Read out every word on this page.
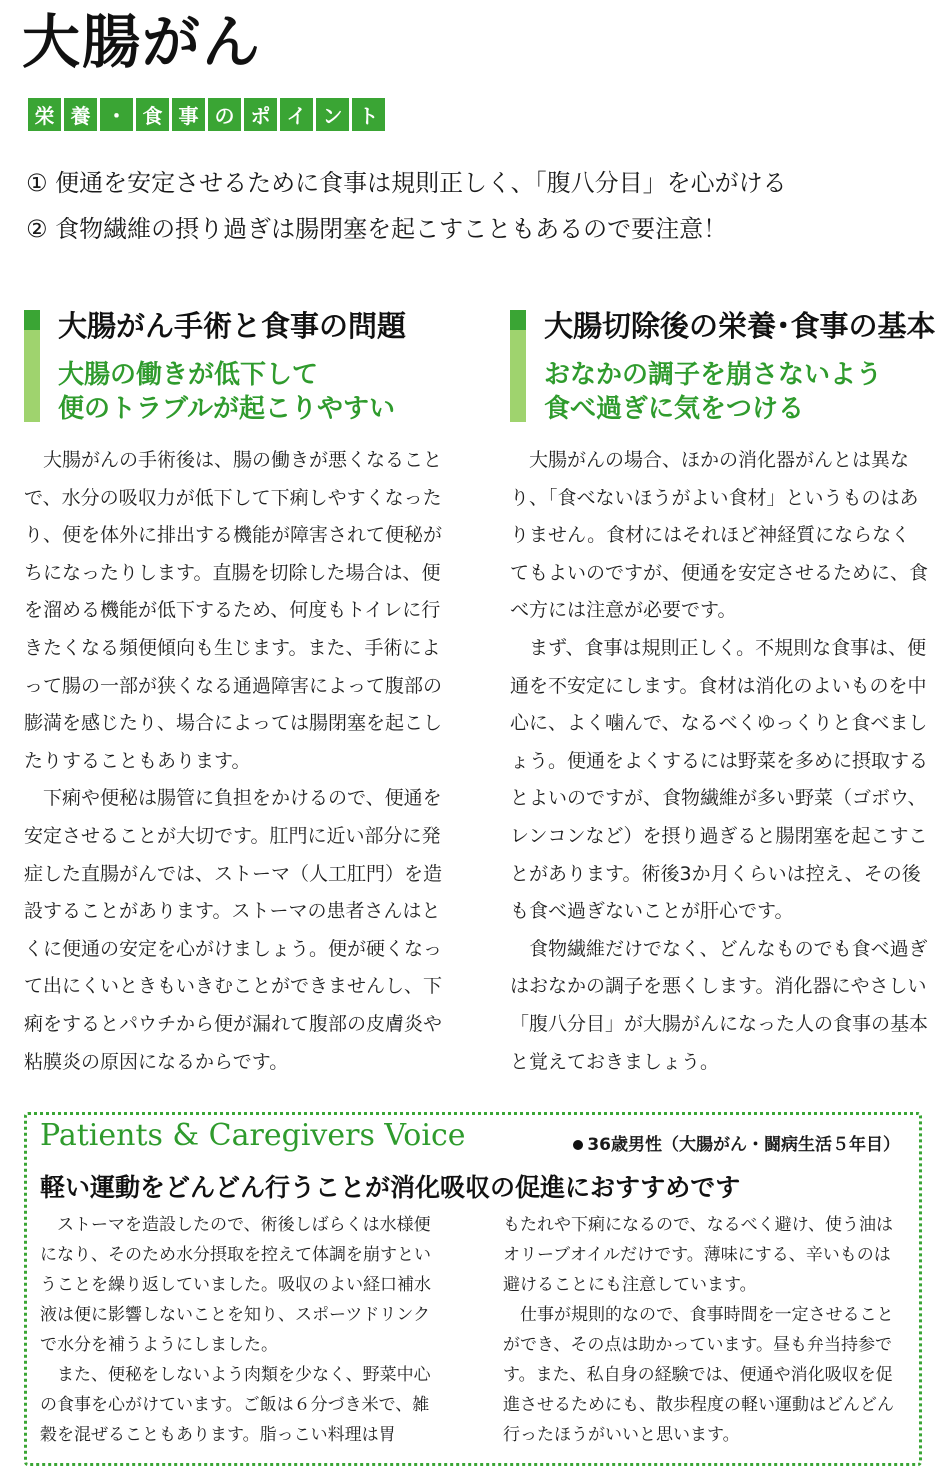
大腸がん
栄 養 ・ 食 事 の ポ イ ン ト
① 便通を安定させるために食事は規則正しく、「腹八分目」を心がける
② 食物繊維の摂り過ぎは腸閉塞を起こすこともあるので要注意！
大腸がん手術と食事の問題
大腸の働きが低下して
便のトラブルが起こりやすい
大腸切除後の栄養･食事の基本
おなかの調子を崩さないよう
食べ過ぎに気をつける

大腸がんの手術後は、腸の働きが悪くなることで、水分の吸収力が低下して下痢しやすくなったり、便を体外に排出する機能が障害されて便秘がちになったりします。直腸を切除した場合は、便を溜める機能が低下するため、何度もトイレに行きたくなる頻便傾向も生じます。また、手術によって腸の一部が狭くなる通過障害によって腹部の膨満を感じたり、場合によっては腸閉塞を起こしたりすることもあります。

下痢や便秘は腸管に負担をかけるので、便通を安定させることが大切です。肛門に近い部分に発症した直腸がんでは、ストーマ（人工肛門）を造設することがあります。ストーマの患者さんはとくに便通の安定を心がけましょう。便が硬くなって出にくいときもいきむことができませんし、下痢をするとパウチから便が漏れて腹部の皮膚炎や粘膜炎の原因になるからです。

大腸がんの場合、ほかの消化器がんとは異なり、「食べないほうがよい食材」というものはありません。食材にはそれほど神経質にならなくてもよいのですが、便通を安定させるために、食べ方には注意が必要です。

まず、食事は規則正しく。不規則な食事は、便通を不安定にします。食材は消化のよいものを中心に、よく噛んで、なるべくゆっくりと食べましょう。便通をよくするには野菜を多めに摂取するとよいのですが、食物繊維が多い野菜（ゴボウ、レンコンなど）を摂り過ぎると腸閉塞を起こすことがあります。術後3か月くらいは控え、その後も食べ過ぎないことが肝心です。

食物繊維だけでなく、どんなものでも食べ過ぎはおなかの調子を悪くします。消化器にやさしい「腹八分目」が大腸がんになった人の食事の基本と覚えておきましょう。

Patients & Caregivers Voice	36歳男性（大腸がん・闘病生活５年目）
軽い運動をどんどん行うことが消化吸収の促進におすすめです

ストーマを造設したので、術後しばらくは水様便になり、そのため水分摂取を控えて体調を崩すということを繰り返していました。吸収のよい経口補水液は便に影響しないことを知り、スポーツドリンクで水分を補うようにしました。

また、便秘をしないよう肉類を少なく、野菜中心の食事を心がけています。ご飯は６分づき米で、雑穀を混ぜることもあります。脂っこい料理は胃

もたれや下痢になるので、なるべく避け、使う油はオリーブオイルだけです。薄味にする、辛いものは避けることにも注意しています。

仕事が規則的なので、食事時間を一定させることができ、その点は助かっています。昼も弁当持参です。また、私自身の経験では、便通や消化吸収を促進させるためにも、散歩程度の軽い運動はどんどん行ったほうがいいと思います。
